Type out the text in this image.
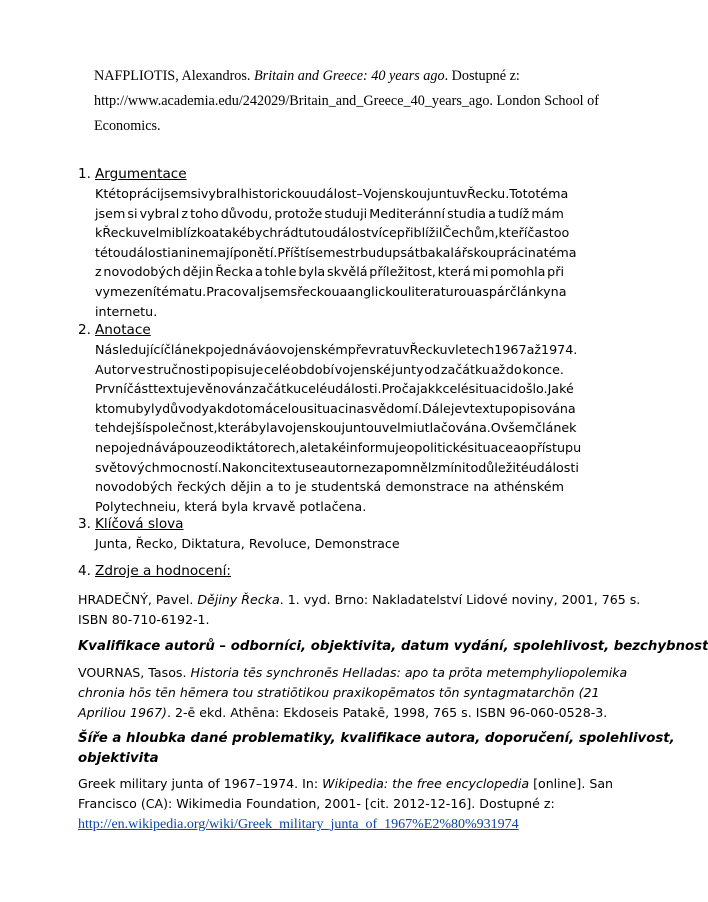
NAFPLIOTIS, Alexandros. Britain and Greece: 40 years ago. Dostupné z:
http://www.academia.edu/242029/Britain_and_Greece_40_years_ago. London School of
Economics.
1. Argumentace
K této práci jsem si vybral historickou událost – Vojenskou juntu v Řecku. Toto téma
jsem si vybral z toho důvodu, protože studuji Mediteránní studia a tudíž mám
k Řecku velmi blízko a také bych rád tuto událost více přiblížil Čechům, kteří často o
této události ani nemají ponětí. Příští semestr budu psát bakalářskou práci na téma
z novodobých dějin Řecka a tohle byla skvělá příležitost, která mi pomohla při
vymezení tématu. Pracoval jsem s řeckou a anglickou literaturou a s pár články na
internetu.
2. Anotace
Následující článek pojednává o vojenském převratu v Řecku v letech 1967 až 1974.
Autor ve stručnosti popisuje celé období vojenské junty od začátku až do konce.
První část textu je věnován začátku celé události. Proč a jak k celé situaci došlo. Jaké
k tomu byly důvody a kdo to má celou situaci na svědomí. Dále je v textu popisována
tehdejší společnost, která byla vojenskou juntou velmi utlačována. Ovšem článek
nepojednává pouze o diktátorech, ale také informuje o politické situace a o přístupu
světových mocností. Na konci textu se autor nezapomněl zmínit o důležité události
novodobých řeckých dějin a to je studentská demonstrace na athénském
Polytechneiu, která byla krvavě potlačena.
3. Klíčová slova
Junta, Řecko, Diktatura, Revoluce, Demonstrace
4. Zdroje a hodnocení:
HRADEČNÝ, Pavel. Dějiny Řecka. 1. vyd. Brno: Nakladatelství Lidové noviny, 2001, 765 s.
ISBN 80-710-6192-1.
Kvalifikace autorů – odborníci, objektivita, datum vydání, spolehlivost, bezchybnost
VOURNAS, Tasos. Historia tēs synchronēs Helladas: apo ta prōta metemphyliopolemika
chronia hōs tēn hēmera tou stratiōtikou praxikopēmatos tōn syntagmatarchōn (21
Apriliou 1967). 2-ē ekd. Athēna: Ekdoseis Patakē, 1998, 765 s. ISBN 96-060-0528-3.
Šíře a hloubka dané problematiky, kvalifikace autora, doporučení, spolehlivost,
objektivita
Greek military junta of 1967–1974. In: Wikipedia: the free encyclopedia [online]. San
Francisco (CA): Wikimedia Foundation, 2001- [cit. 2012-12-16]. Dostupné z:
http://en.wikipedia.org/wiki/Greek_military_junta_of_1967%E2%80%931974
